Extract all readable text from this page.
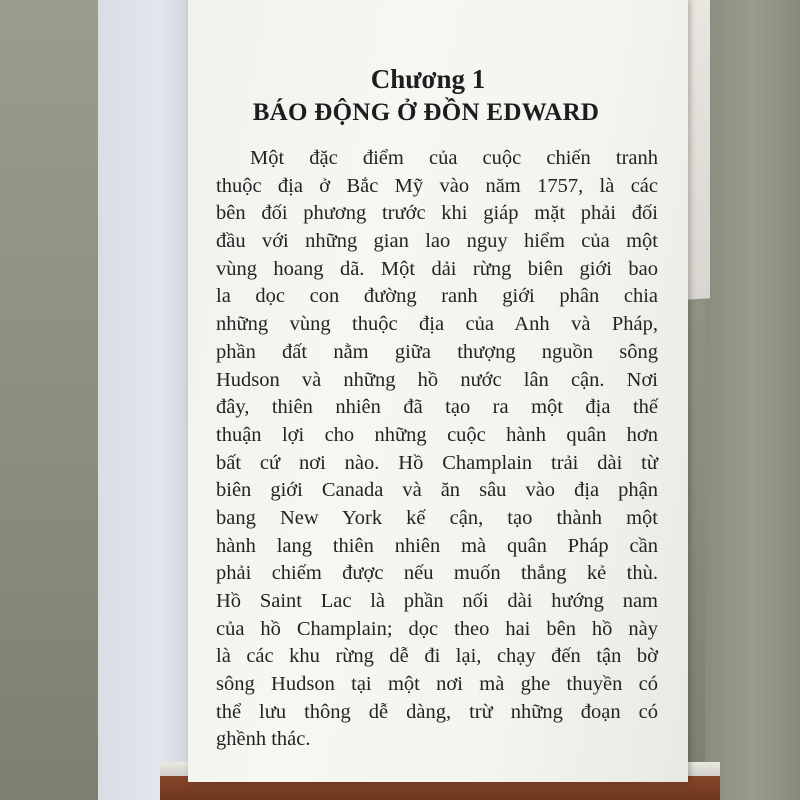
Chương 1
BÁO ĐỘNG Ở ĐỒN EDWARD
Một đặc điểm của cuộc chiến tranh
thuộc địa ở Bắc Mỹ vào năm 1757, là các
bên đối phương trước khi giáp mặt phải đối
đầu với những gian lao nguy hiểm của một
vùng hoang dã. Một dải rừng biên giới bao
la dọc con đường ranh giới phân chia
những vùng thuộc địa của Anh và Pháp,
phần đất nằm giữa thượng nguồn sông
Hudson và những hồ nước lân cận. Nơi
đây, thiên nhiên đã tạo ra một địa thế
thuận lợi cho những cuộc hành quân hơn
bất cứ nơi nào. Hồ Champlain trải dài từ
biên giới Canada và ăn sâu vào địa phận
bang New York kế cận, tạo thành một
hành lang thiên nhiên mà quân Pháp cần
phải chiếm được nếu muốn thắng kẻ thù.
Hồ Saint Lac là phần nối dài hướng nam
của hồ Champlain; dọc theo hai bên hồ này
là các khu rừng dễ đi lại, chạy đến tận bờ
sông Hudson tại một nơi mà ghe thuyền có
thể lưu thông dễ dàng, trừ những đoạn có
ghềnh thác.
